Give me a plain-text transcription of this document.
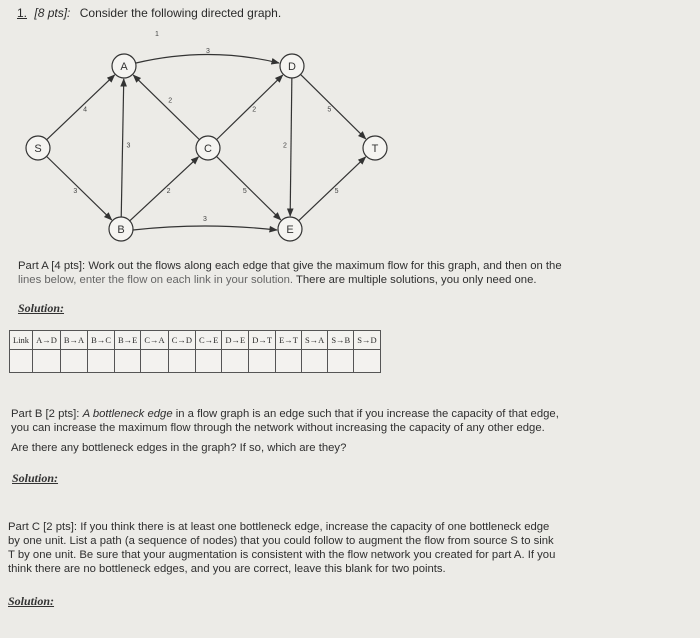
1. [8 pts]: Consider the following directed graph.
4
3
3
3
3
2
2
5
2
5
5
2
1
S
A
B
C
D
E
T
Part A [4 pts]: Work out the flows along each edge that give the maximum flow for this graph, and then on the
lines below, enter the flow on each link in your solution. There are multiple solutions, you only need one.
Solution:
Link	A→D	B→A	B→C	B→E	C→A	C→D	C→E	D→E	D→T	E→T	S→A	S→B	S→D

Part B [2 pts]: A bottleneck edge in a flow graph is an edge such that if you increase the capacity of that edge,
you can increase the maximum flow through the network without increasing the capacity of any other edge.
Are there any bottleneck edges in the graph? If so, which are they?
Solution:
Part C [2 pts]: If you think there is at least one bottleneck edge, increase the capacity of one bottleneck edge
by one unit. List a path (a sequence of nodes) that you could follow to augment the flow from source S to sink
T by one unit. Be sure that your augmentation is consistent with the flow network you created for part A. If you
think there are no bottleneck edges, and you are correct, leave this blank for two points.
Solution:
